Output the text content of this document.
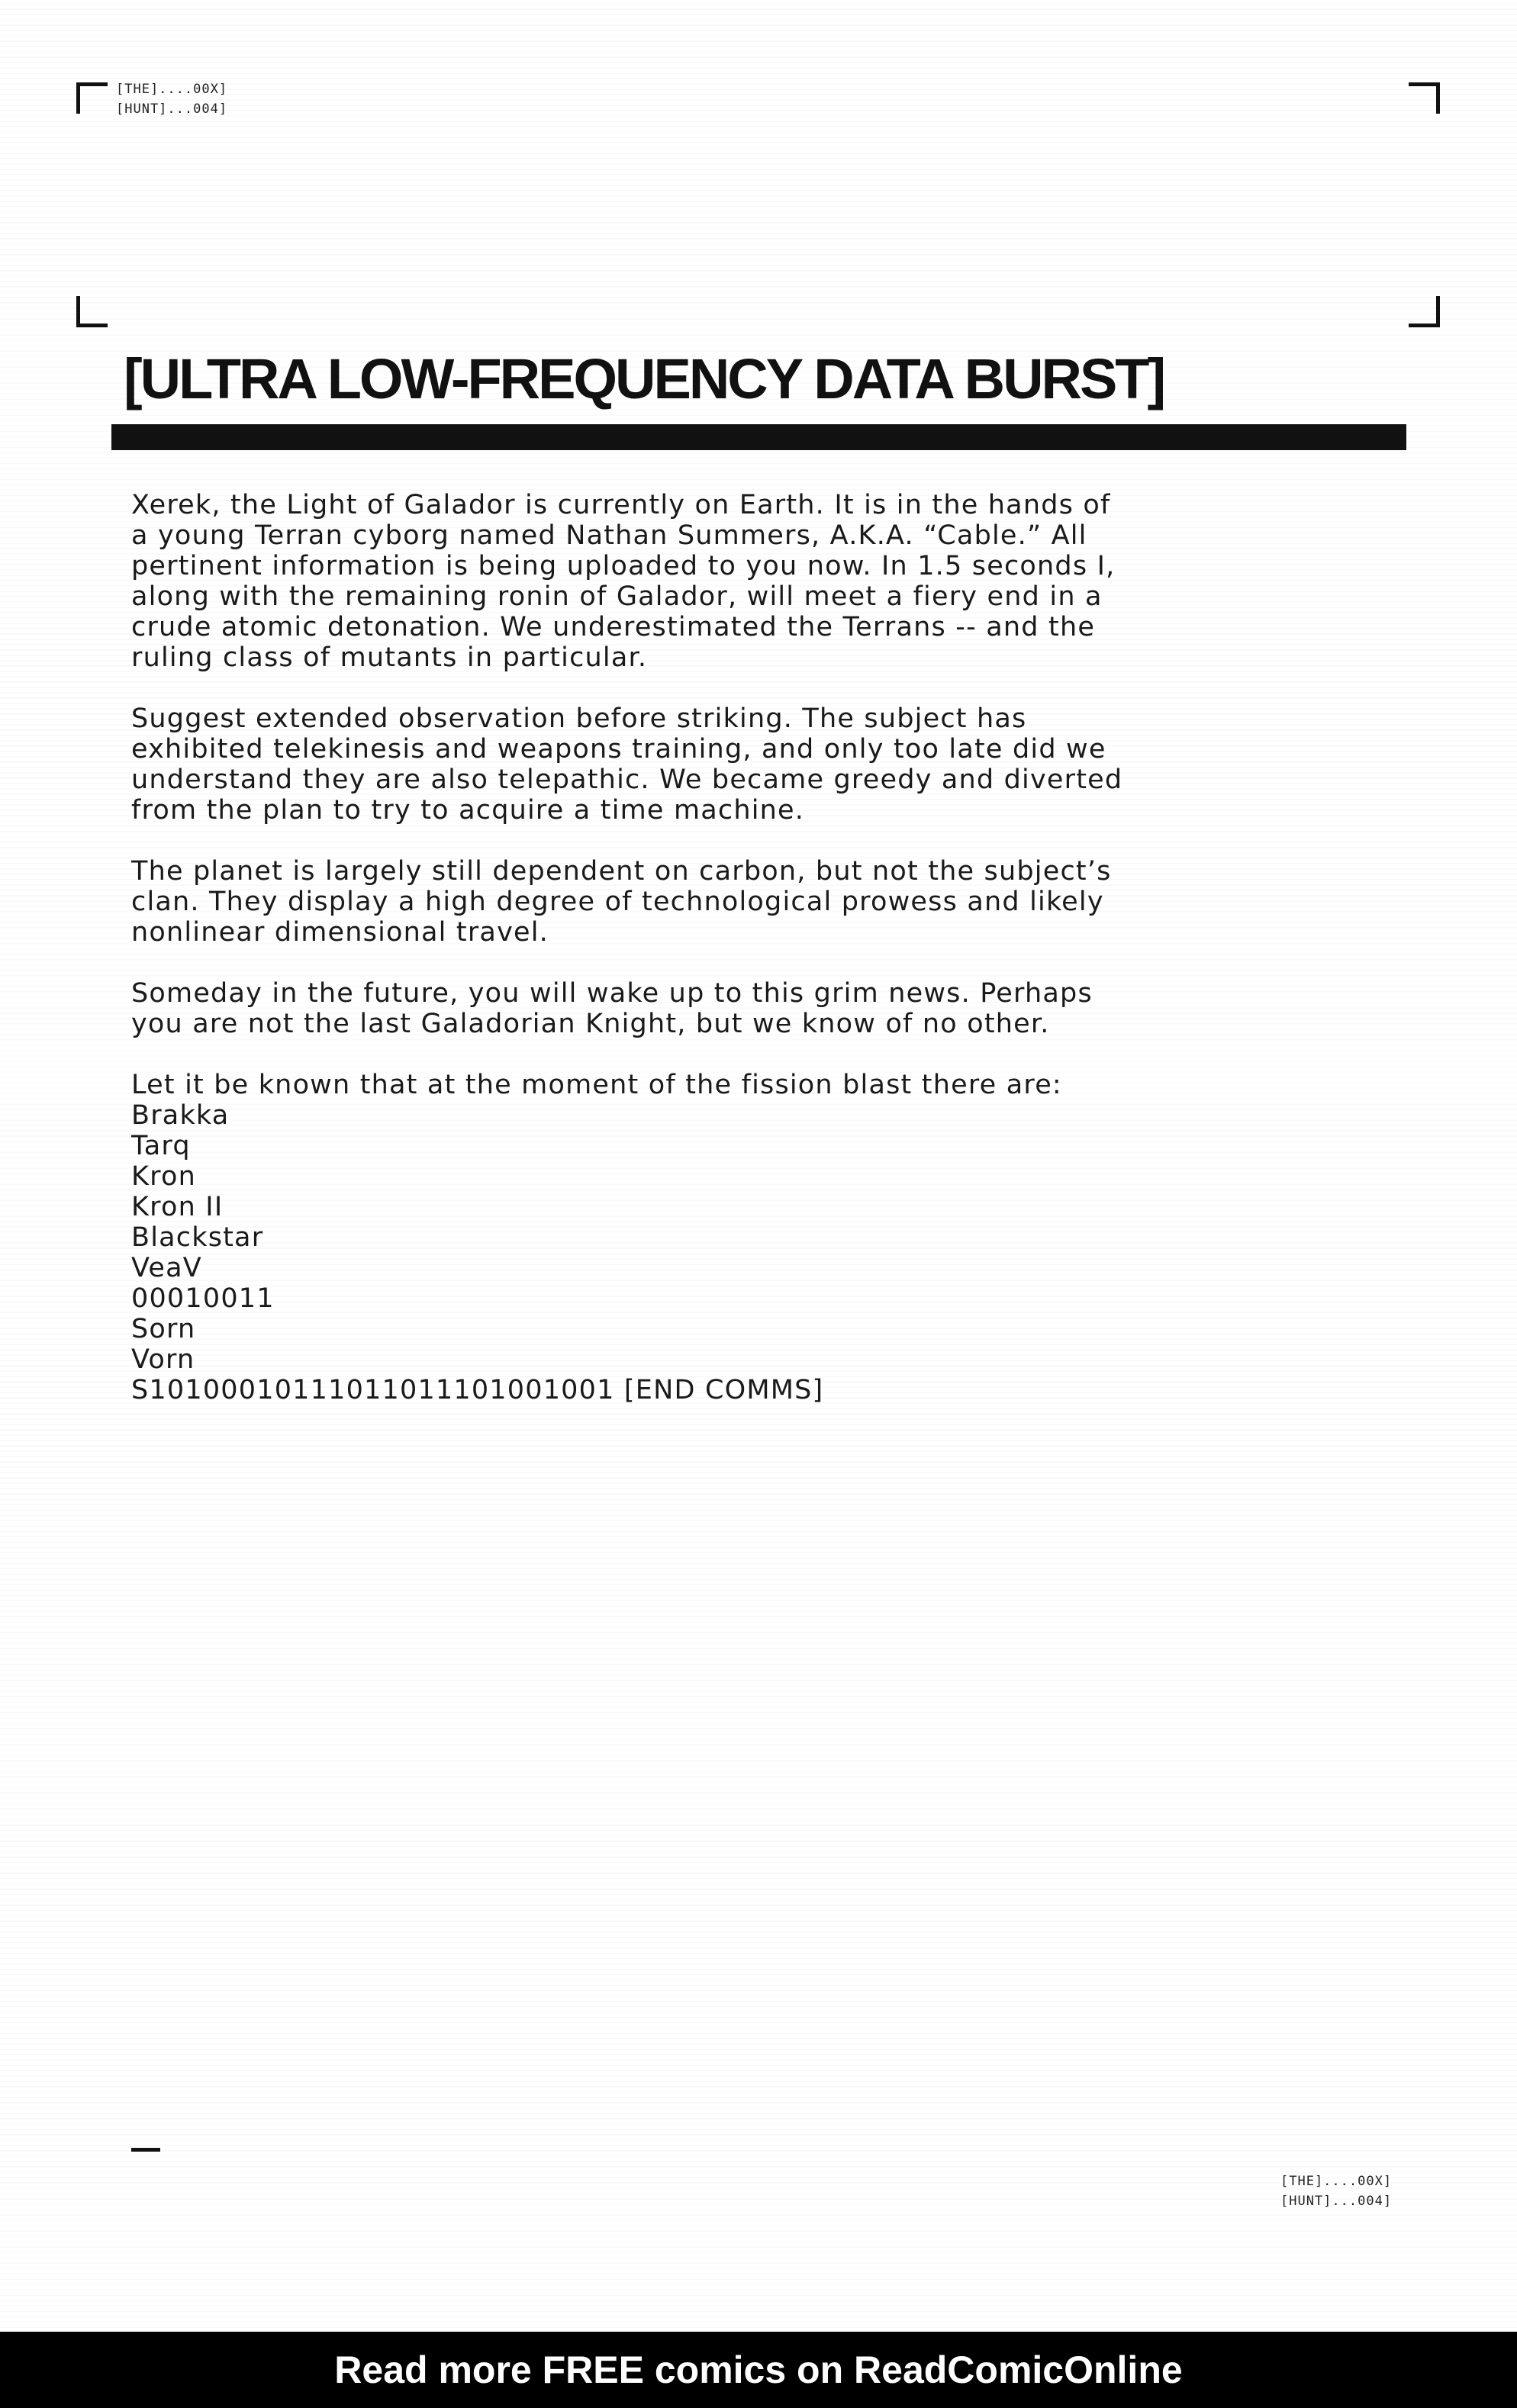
[THE]....00X]
[HUNT]...004]
[ULTRA LOW-FREQUENCY DATA BURST]

Xerek, the Light of Galador is currently on Earth. It is in the hands of a young Terran cyborg named Nathan Summers, A.K.A. “Cable.” All pertinent information is being uploaded to you now. In 1.5 seconds I, along with the remaining ronin of Galador, will meet a fiery end in a crude atomic detonation. We underestimated the Terrans -- and the ruling class of mutants in particular.

Suggest extended observation before striking. The subject has exhibited telekinesis and weapons training, and only too late did we understand they are also telepathic. We became greedy and diverted from the plan to try to acquire a time machine.

The planet is largely still dependent on carbon, but not the subject’s clan. They display a high degree of technological prowess and likely nonlinear dimensional travel.

Someday in the future, you will wake up to this grim news. Perhaps you are not the last Galadorian Knight, but we know of no other.

Let it be known that at the moment of the fission blast there are:
Brakka
Tarq
Kron
Kron II
Blackstar
VeaV
00010011
Sorn
Vorn
S10100010111011011101001001 [END COMMS]
[THE]....00X]
[HUNT]...004]
Read more FREE comics on ReadComicOnline
